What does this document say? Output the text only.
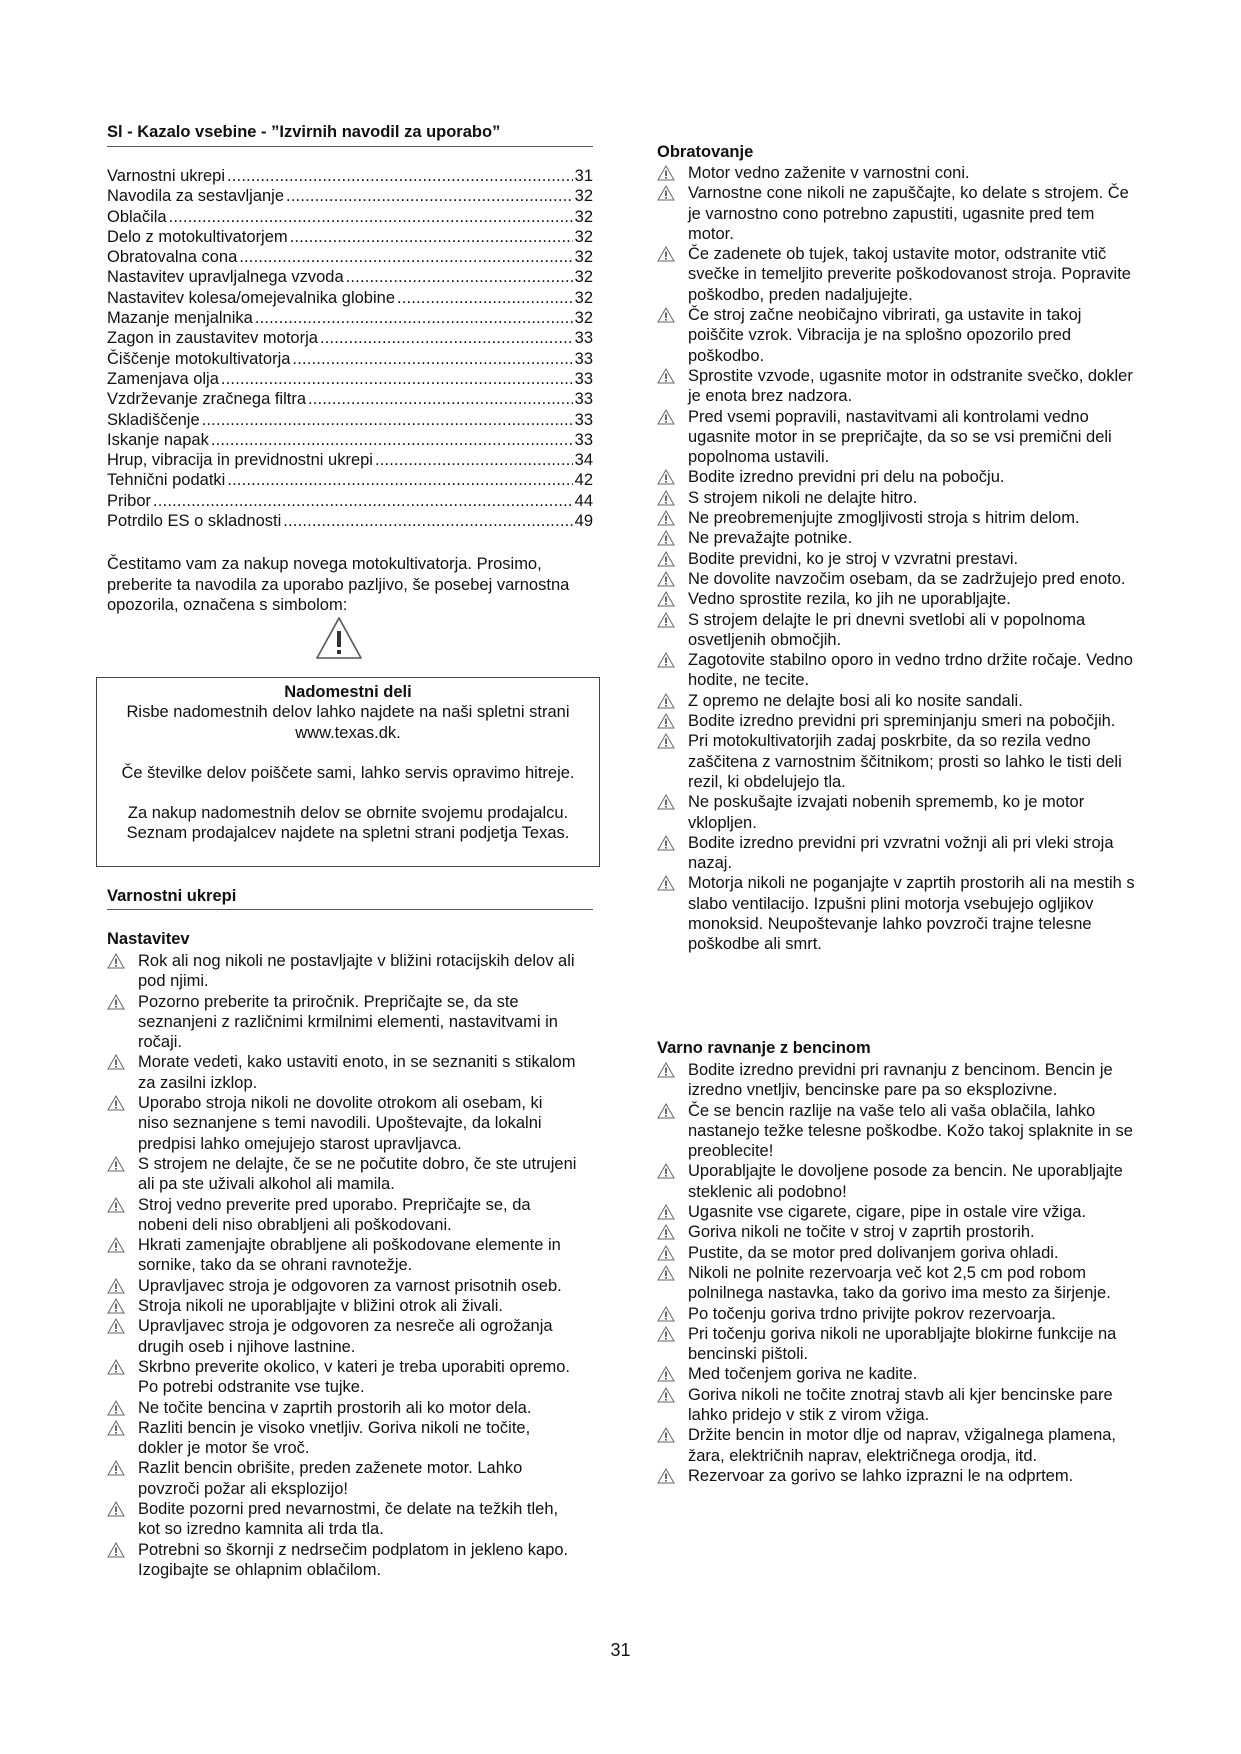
Sl - Kazalo vsebine - ”Izvirnih navodil za uporabo”
Varnostni ukrepi . . .	31
Navodila za sestavljanje . . .	32
Oblačila . . .	32
Delo z motokultivatorjem . . .	32
Obratovalna cona . . .	32
Nastavitev upravljalnega vzvoda . . .	32
Nastavitev kolesa/omejevalnika globine . . .	32
Mazanje menjalnika . . .	32
Zagon in zaustavitev motorja . . .	33
Čiščenje motokultivatorja . . .	33
Zamenjava olja . . .	33
Vzdrževanje zračnega filtra . . .	33
Skladiščenje . . .	33
Iskanje napak . . .	33
Hrup, vibracija in previdnostni ukrepi . . .	34
Tehnični podatki . . .	42
Pribor . . .	44
Potrdilo ES o skladnosti . . .	49

Čestitamo vam za nakup novega motokultivatorja. Prosimo, preberite ta navodila za uporabo pazljivo, še posebej varnostna opozorila, označena s simbolom:

Nadomestni deli

Risbe nadomestnih delov lahko najdete na naši spletni strani www.texas.dk.

Če številke delov poiščete sami, lahko servis opravimo hitreje.

Za nakup nadomestnih delov se obrnite svojemu prodajalcu. Seznam prodajalcev najdete na spletni strani podjetja Texas.

Varnostni ukrepi
Nastavitev
Rok ali nog nikoli ne postavljajte v bližini rotacijskih delov ali pod njimi.
Pozorno preberite ta priročnik. Prepričajte se, da ste seznanjeni z različnimi krmilnimi elementi, nastavitvami in ročaji.
Morate vedeti, kako ustaviti enoto, in se seznaniti s stikalom za zasilni izklop.
Uporabo stroja nikoli ne dovolite otrokom ali osebam, ki niso seznanjene s temi navodili. Upoštevajte, da lokalni predpisi lahko omejujejo starost upravljavca.
S strojem ne delajte, če se ne počutite dobro, če ste utrujeni ali pa ste uživali alkohol ali mamila.
Stroj vedno preverite pred uporabo. Prepričajte se, da nobeni deli niso obrabljeni ali poškodovani.
Hkrati zamenjajte obrabljene ali poškodovane elemente in sornike, tako da se ohrani ravnotežje.
Upravljavec stroja je odgovoren za varnost prisotnih oseb.
Stroja nikoli ne uporabljajte v bližini otrok ali živali.
Upravljavec stroja je odgovoren za nesreče ali ogrožanja drugih oseb i njihove lastnine.
Skrbno preverite okolico, v kateri je treba uporabiti opremo. Po potrebi odstranite vse tujke.
Ne točite bencina v zaprtih prostorih ali ko motor dela.
Razliti bencin je visoko vnetljiv. Goriva nikoli ne točite, dokler je motor še vroč.
Razlit bencin obrišite, preden zaženete motor. Lahko povzroči požar ali eksplozijo!
Bodite pozorni pred nevarnostmi, če delate na težkih tleh, kot so izredno kamnita ali trda tla.
Potrebni so škornji z nedrsečim podplatom in jekleno kapo. Izogibajte se ohlapnim oblačilom.
Obratovanje
Motor vedno zaženite v varnostni coni.
Varnostne cone nikoli ne zapuščajte, ko delate s strojem. Če je varnostno cono potrebno zapustiti, ugasnite pred tem motor.
Če zadenete ob tujek, takoj ustavite motor, odstranite vtič svečke in temeljito preverite poškodovanost stroja. Popravite poškodbo, preden nadaljujejte.
Če stroj začne neobičajno vibrirati, ga ustavite in takoj poiščite vzrok. Vibracija je na splošno opozorilo pred poškodbo.
Sprostite vzvode, ugasnite motor in odstranite svečko, dokler je enota brez nadzora.
Pred vsemi popravili, nastavitvami ali kontrolami vedno ugasnite motor in se prepričajte, da so se vsi premični deli popolnoma ustavili.
Bodite izredno previdni pri delu na pobočju.
S strojem nikoli ne delajte hitro.
Ne preobremenjujte zmogljivosti stroja s hitrim delom.
Ne prevažajte potnike.
Bodite previdni, ko je stroj v vzvratni prestavi.
Ne dovolite navzočim osebam, da se zadržujejo pred enoto.
Vedno sprostite rezila, ko jih ne uporabljajte.
S strojem delajte le pri dnevni svetlobi ali v popolnoma osvetljenih območjih.
Zagotovite stabilno oporo in vedno trdno držite ročaje. Vedno hodite, ne tecite.
Z opremo ne delajte bosi ali ko nosite sandali.
Bodite izredno previdni pri spreminjanju smeri na pobočjih.
Pri motokultivatorjih zadaj poskrbite, da so rezila vedno zaščitena z varnostnim ščitnikom; prosti so lahko le tisti deli rezil, ki obdelujejo tla.
Ne poskušajte izvajati nobenih sprememb, ko je motor vklopljen.
Bodite izredno previdni pri vzvratni vožnji ali pri vleki stroja nazaj.
Motorja nikoli ne poganjajte v zaprtih prostorih ali na mestih s slabo ventilacijo. Izpušni plini motorja vsebujejo ogljikov monoksid. Neupoštevanje lahko povzroči trajne telesne poškodbe ali smrt.
Varno ravnanje z bencinom
Bodite izredno previdni pri ravnanju z bencinom. Bencin je izredno vnetljiv, bencinske pare pa so eksplozivne.
Če se bencin razlije na vaše telo ali vaša oblačila, lahko nastanejo težke telesne poškodbe. Kožo takoj splaknite in se preoblecite!
Uporabljajte le dovoljene posode za bencin. Ne uporabljajte steklenic ali podobno!
Ugasnite vse cigarete, cigare, pipe in ostale vire vžiga.
Goriva nikoli ne točite v stroj v zaprtih prostorih.
Pustite, da se motor pred dolivanjem goriva ohladi.
Nikoli ne polnite rezervoarja več kot 2,5 cm pod robom polnilnega nastavka, tako da gorivo ima mesto za širjenje.
Po točenju goriva trdno privijte pokrov rezervoarja.
Pri točenju goriva nikoli ne uporabljajte blokirne funkcije na bencinski pištoli.
Med točenjem goriva ne kadite.
Goriva nikoli ne točite znotraj stavb ali kjer bencinske pare lahko pridejo v stik z virom vžiga.
Držite bencin in motor dlje od naprav, vžigalnega plamena, žara, električnih naprav, električnega orodja, itd.
Rezervoar za gorivo se lahko izprazni le na odprtem.
31
